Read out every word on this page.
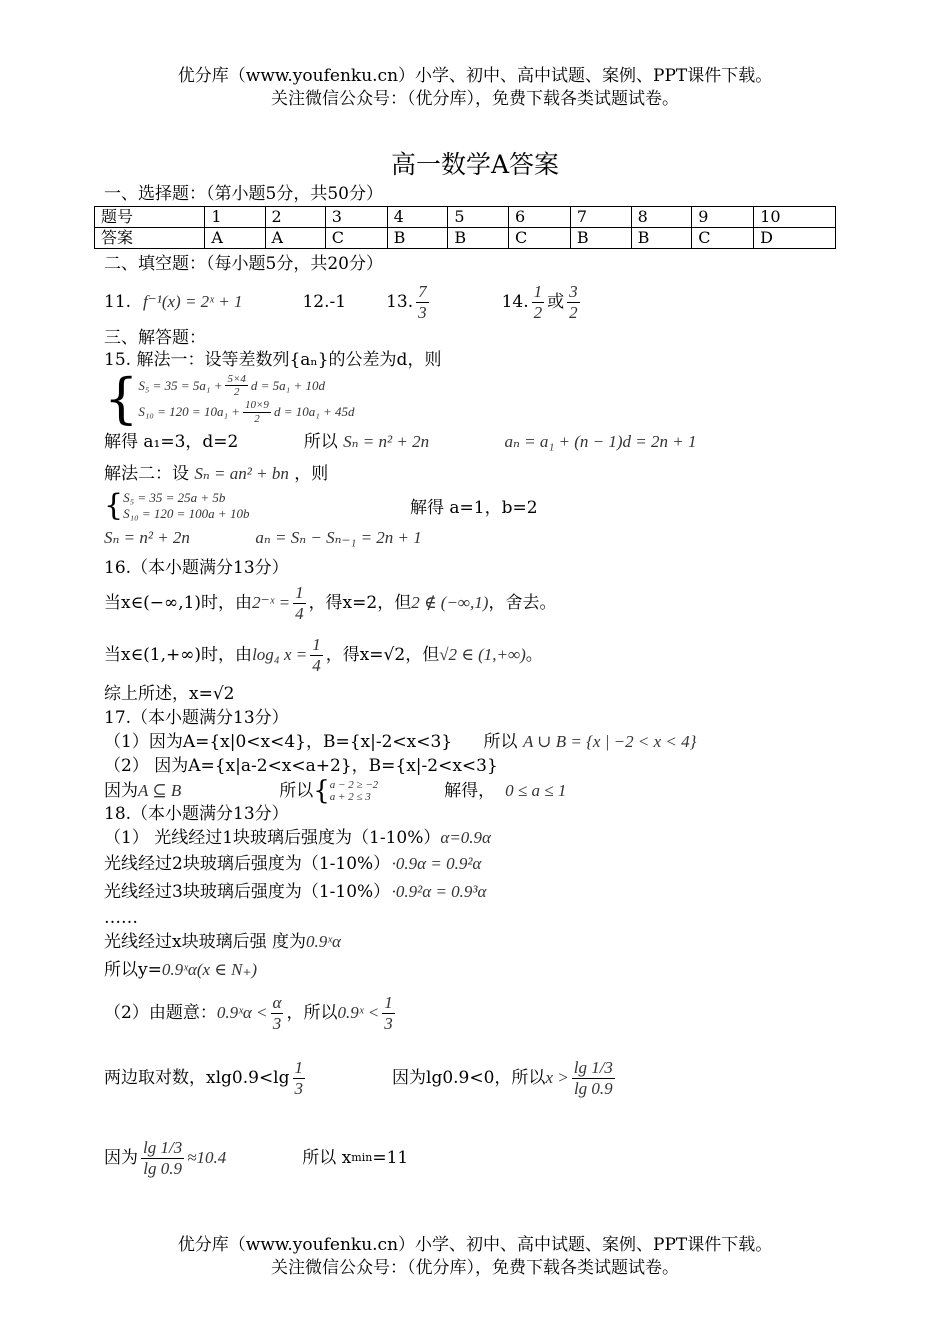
优分库（www.youfenku.cn）小学、初中、高中试题、案例、PPT课件下载。
关注微信公众号：（优分库），免费下载各类试题试卷。
高一数学A答案
一、选择题：（第小题5分，共50分）
题号	1	2	3	4	5	6	7	8	9	10
答案	A	A	C	B	B	C	B	B	C	D
二、填空题：（每小题5分，共20分）
11. f⁻¹(x) = 2ˣ + 1	12.-1 13. $\frac{7}{3}$	14. $\frac{1}{2}$ 或 $\frac{3}{2}$
三、解答题：
15. 解法一：设等差数列{aₙ}的公差为d，则
{ $S_5 = 35 = 5a_1 + \frac{5\times 4}{2}$ d = 5a₁ + 10d
$S_{10} = 120 = 10a_1 + \frac{10\times 9}{2}$ d = 10a₁ + 45d
解得 a₁=3，d=2	所以 Sₙ = n² + 2n	aₙ = a₁ + (n − 1)d = 2n + 1
解法二：设 Sₙ = an² + bn ，则
{ S₅ = 35 = 25a + 5b
S₁₀ = 120 = 100a + 10b	解得 a=1，b=2
Sₙ = n² + 2n	aₙ = Sₙ − Sₙ₋₁ = 2n + 1
16.（本小题满分13分）
当x∈(−∞,1)时，由 2⁻ˣ = $\frac{1}{4}$ ，得x=2，但 2 ∉ (−∞,1) ，舍去。
当x∈(1,+∞)时，由 log₄ $x = \frac{1}{4}$ ，得x=√2，但 √2 ∈ (1,+∞) 。
综上所述，x=√2
17.（本小题满分13分）
（1）因为A={x|0<x<4}，B={x|-2<x<3} 所以 A ∪ B = {x | −2 < x < 4}
（2） 因为A={x|a-2<x<a+2}，B={x|-2<x<3}
因为 A ⊆ B	所以 { a − 2 ≥ −2
a + 2 ≤ 3	解得， 0 ≤ a ≤ 1
18.（本小题满分13分）
（1） 光线经过1块玻璃后强度为（1-10%）α=0.9α
光线经过2块玻璃后强度为（1-10%） ·0.9α = 0.9²α
光线经过3块玻璃后强度为（1-10%） ·0.9²α = 0.9³α
……
光线经过x块玻璃后强 度为0.9ˣα
所以y=0.9ˣα(x ∈ N₊)
（2）由题意： 0.9ˣα < $\frac{\alpha}{3}$ ，所以 0.9ˣ < $\frac{1}{3}$
两边取对数，$xlg0.9<\lg \frac{1}{3}$	因为lg0.9<0，所以 $x > \frac{\lg 1/3}{\lg 0.9}$
因为 $\frac{\lg 1/3}{\lg 0.9} \approx 10.4$	所以 x min =11
优分库（www.youfenku.cn）小学、初中、高中试题、案例、PPT课件下载。
关注微信公众号：（优分库），免费下载各类试题试卷。
